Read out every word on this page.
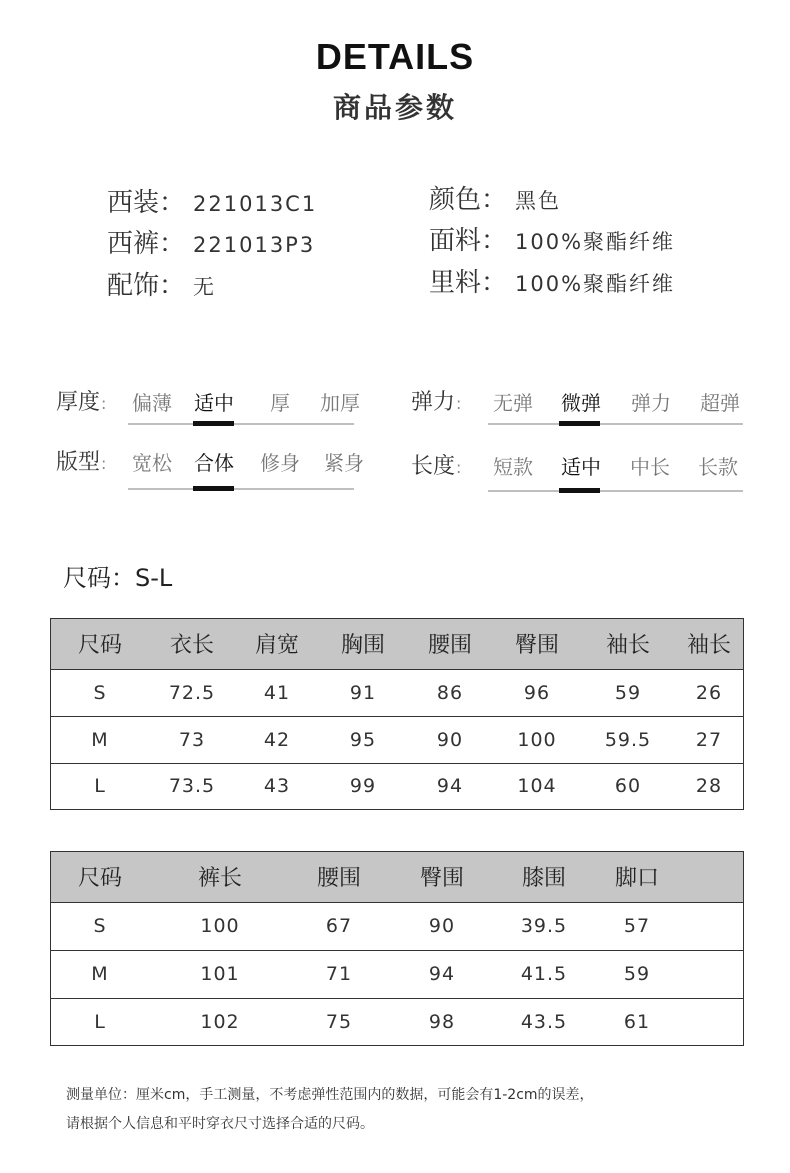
DETAILS
商品参数
西装： 221013C1
西裤： 221013P3
配饰： 无
颜色： 黑色
面料： 100%聚酯纤维
里料： 100%聚酯纤维
厚度:	偏薄	适中	厚	加厚
版型:	宽松	合体	修身	紧身
弹力:	无弹	微弹	弹力	超弹
长度:	短款	适中	中长	长款
尺码：S-L
尺码	衣长	肩宽	胸围	腰围	臀围	袖长	袖长
S	72.5	41	91	86	96	59	26
M	73	42	95	90	100	59.5	27
L	73.5	43	99	94	104	60	28
尺码	裤长	腰围	臀围	膝围	脚口	
S	100	67	90	39.5	57	
M	101	71	94	41.5	59	
L	102	75	98	43.5	61	
测量单位：厘米cm，手工测量，不考虑弹性范围内的数据，可能会有1-2cm的误差，
请根据个人信息和平时穿衣尺寸选择合适的尺码。
